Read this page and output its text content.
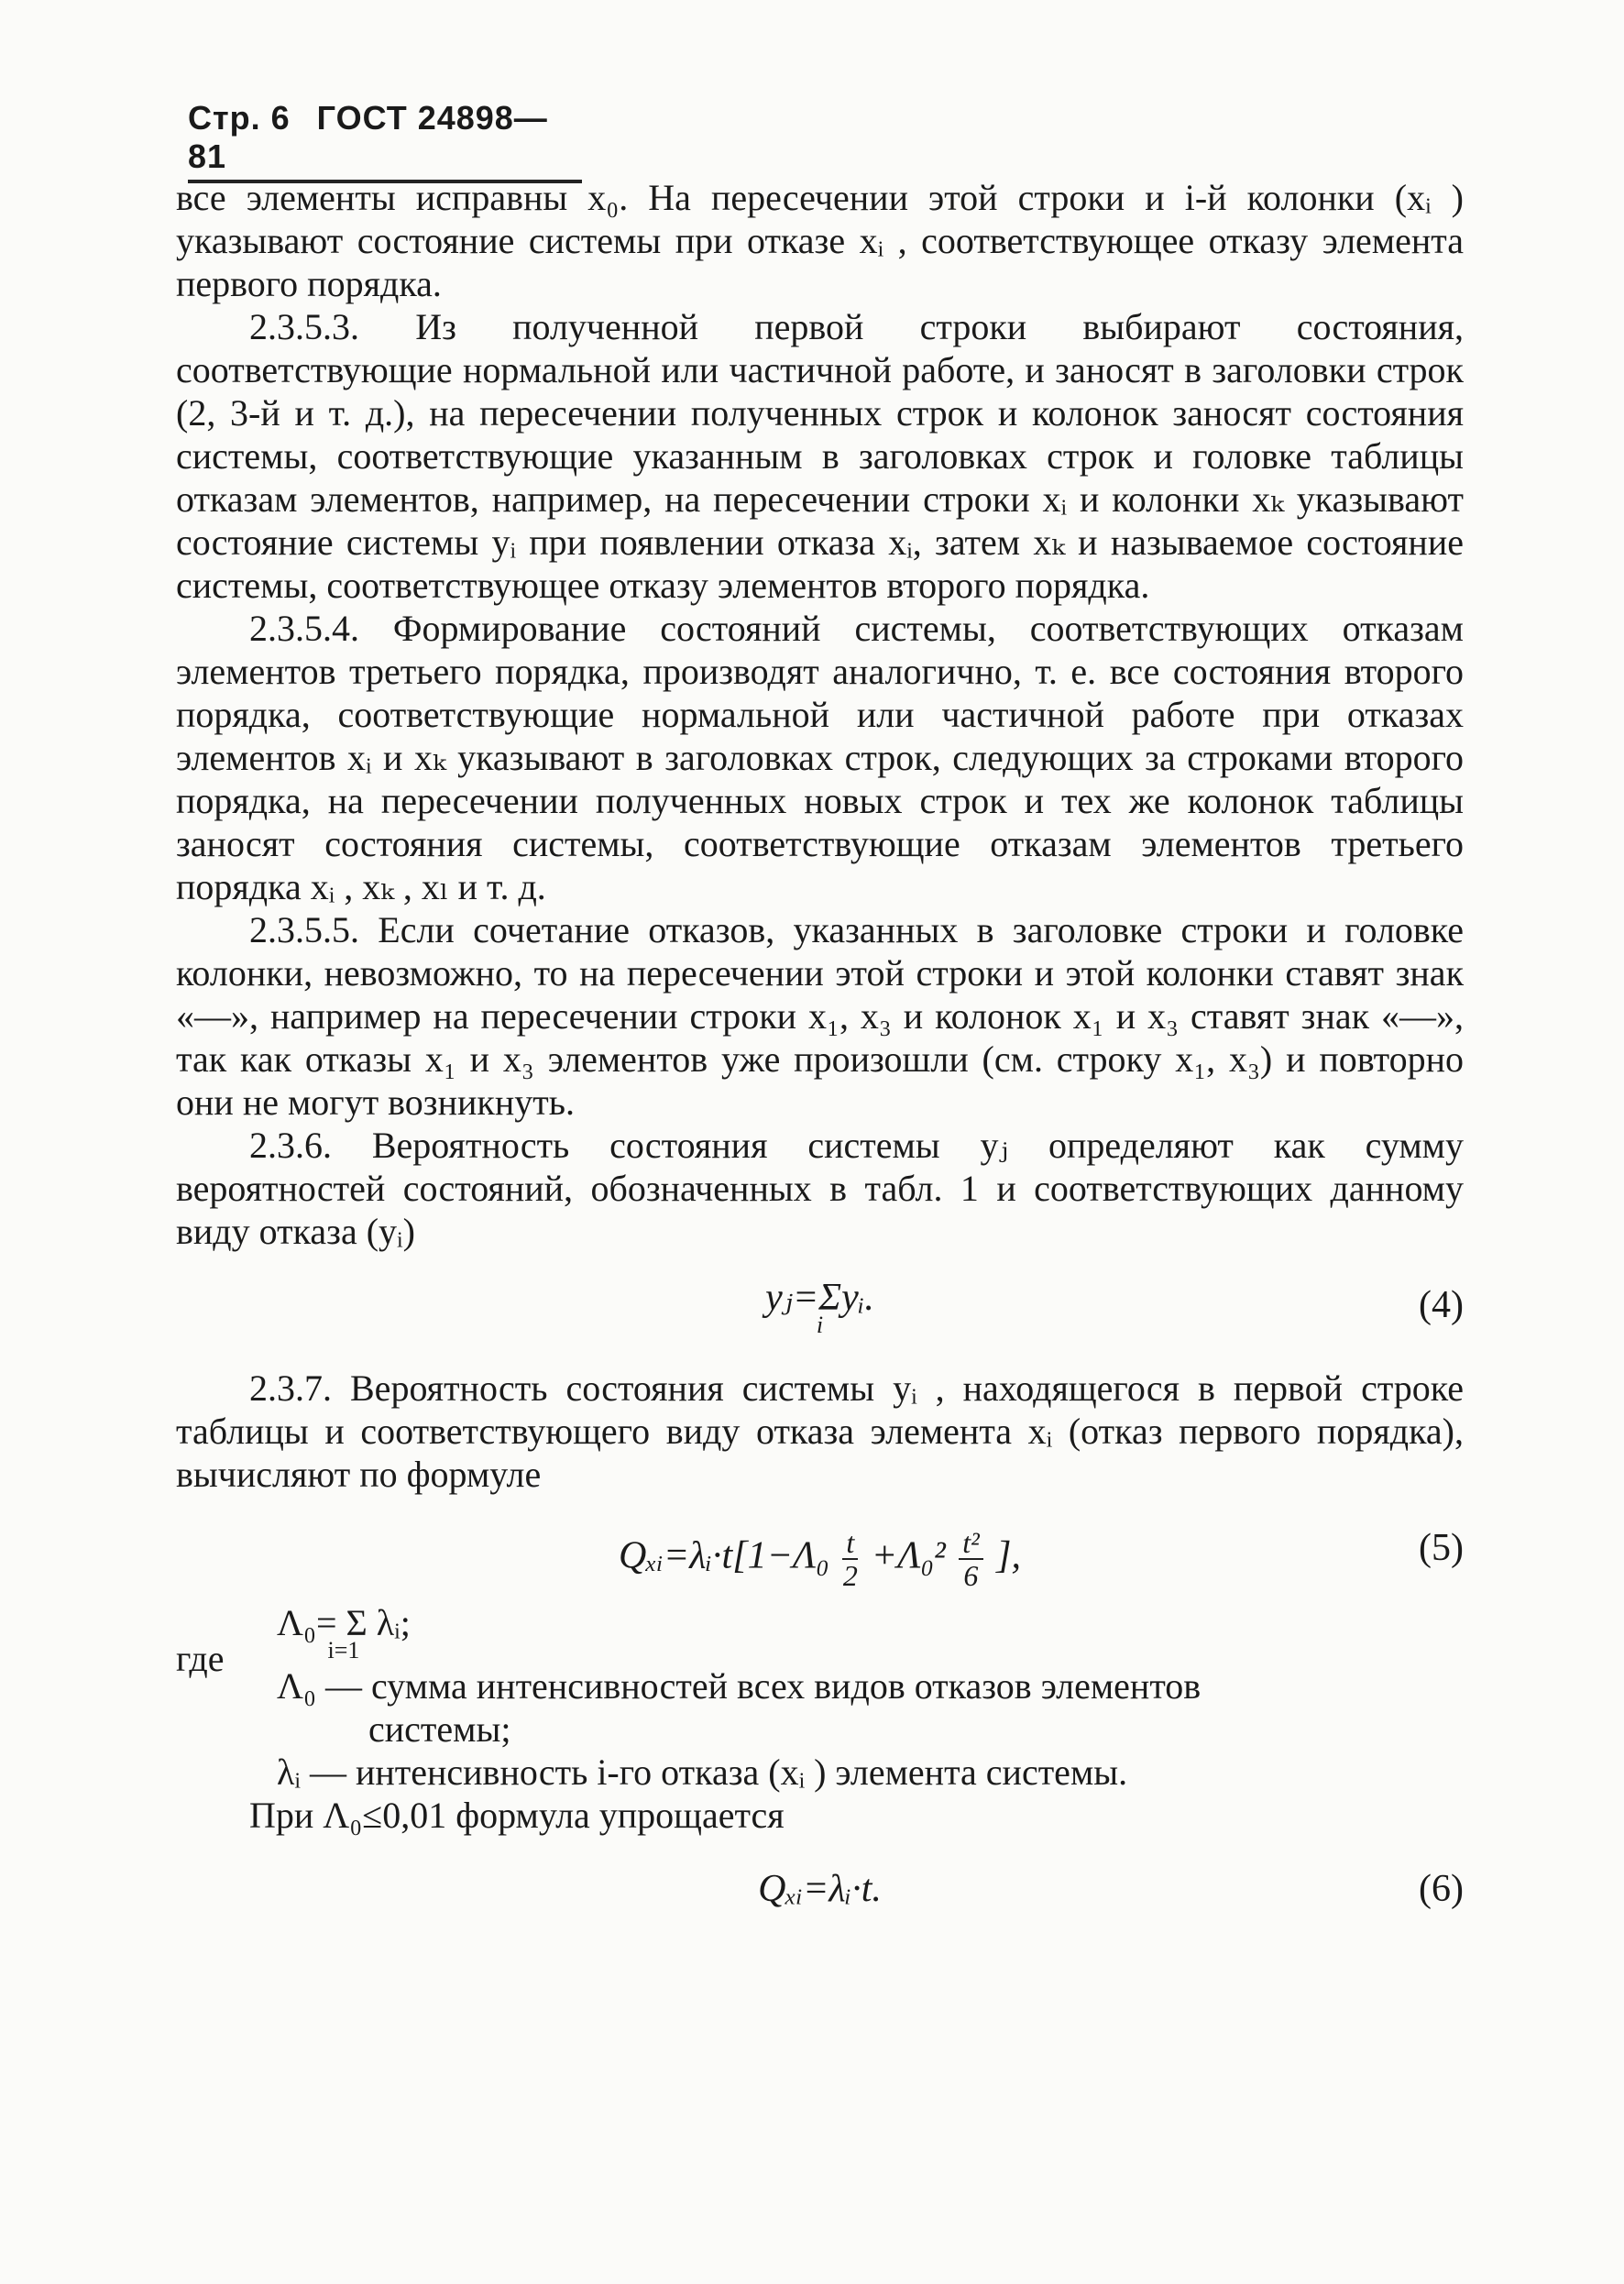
Стр. 6 ГОСТ 24898—81

все элементы исправны x₀. На пересечении этой строки и i-й колонки (xᵢ ) указывают состояние системы при отказе xᵢ , соответствующее отказу элемента первого порядка.

2.3.5.3. Из полученной первой строки выбирают состояния, соответствующие нормальной или частичной работе, и заносят в заголовки строк (2, 3-й и т. д.), на пересечении полученных строк и колонок заносят состояния системы, соответствующие указанным в заголовках строк и головке таблицы отказам элементов, например, на пересечении строки xᵢ и колонки xₖ указывают состояние системы yᵢ при появлении отказа xᵢ, затем xₖ и называемое состояние системы, соответствующее отказу элементов второго порядка.

2.3.5.4. Формирование состояний системы, соответствующих отказам элементов третьего порядка, производят аналогично, т. е. все состояния второго порядка, соответствующие нормальной или частичной работе при отказах элементов xᵢ и xₖ указывают в заголовках строк, следующих за строками второго порядка, на пересечении полученных новых строк и тех же колонок таблицы заносят состояния системы, соответствующие отказам элементов третьего порядка xᵢ , xₖ , xₗ и т. д.

2.3.5.5. Если сочетание отказов, указанных в заголовке строки и головке колонки, невозможно, то на пересечении этой строки и этой колонки ставят знак «—», например на пересечении строки x₁, x₃ и колонок x₁ и x₃ ставят знак «—», так как отказы x₁ и x₃ элементов уже произошли (см. строку x₁, x₃) и повторно они не могут возникнуть.

2.3.6. Вероятность состояния системы yⱼ определяют как сумму вероятностей состояний, обозначенных в табл. 1 и соответствующих данному виду отказа (yᵢ)

yⱼ=Σyᵢ.
i	(4)

2.3.7. Вероятность состояния системы yᵢ , находящегося в первой строке таблицы и соответствующего виду отказа элемента xᵢ (отказ первого порядка), вычисляют по формуле

Qₓᵢ=λᵢ·t[1−Λ₀ $\frac{t}{2} +\Lambda_0^2 \frac{\text{t²}}{6}$ ],	(5)
где
Λ₀= Σ λᵢ;
i=1
Λ₀ — сумма интенсивностей всех видов отказов элементов
системы;
λᵢ — интенсивность i-го отказа (xᵢ ) элемента системы.

При Λ₀≤0,01 формула упрощается

Qₓᵢ=λᵢ·t.	(6)
